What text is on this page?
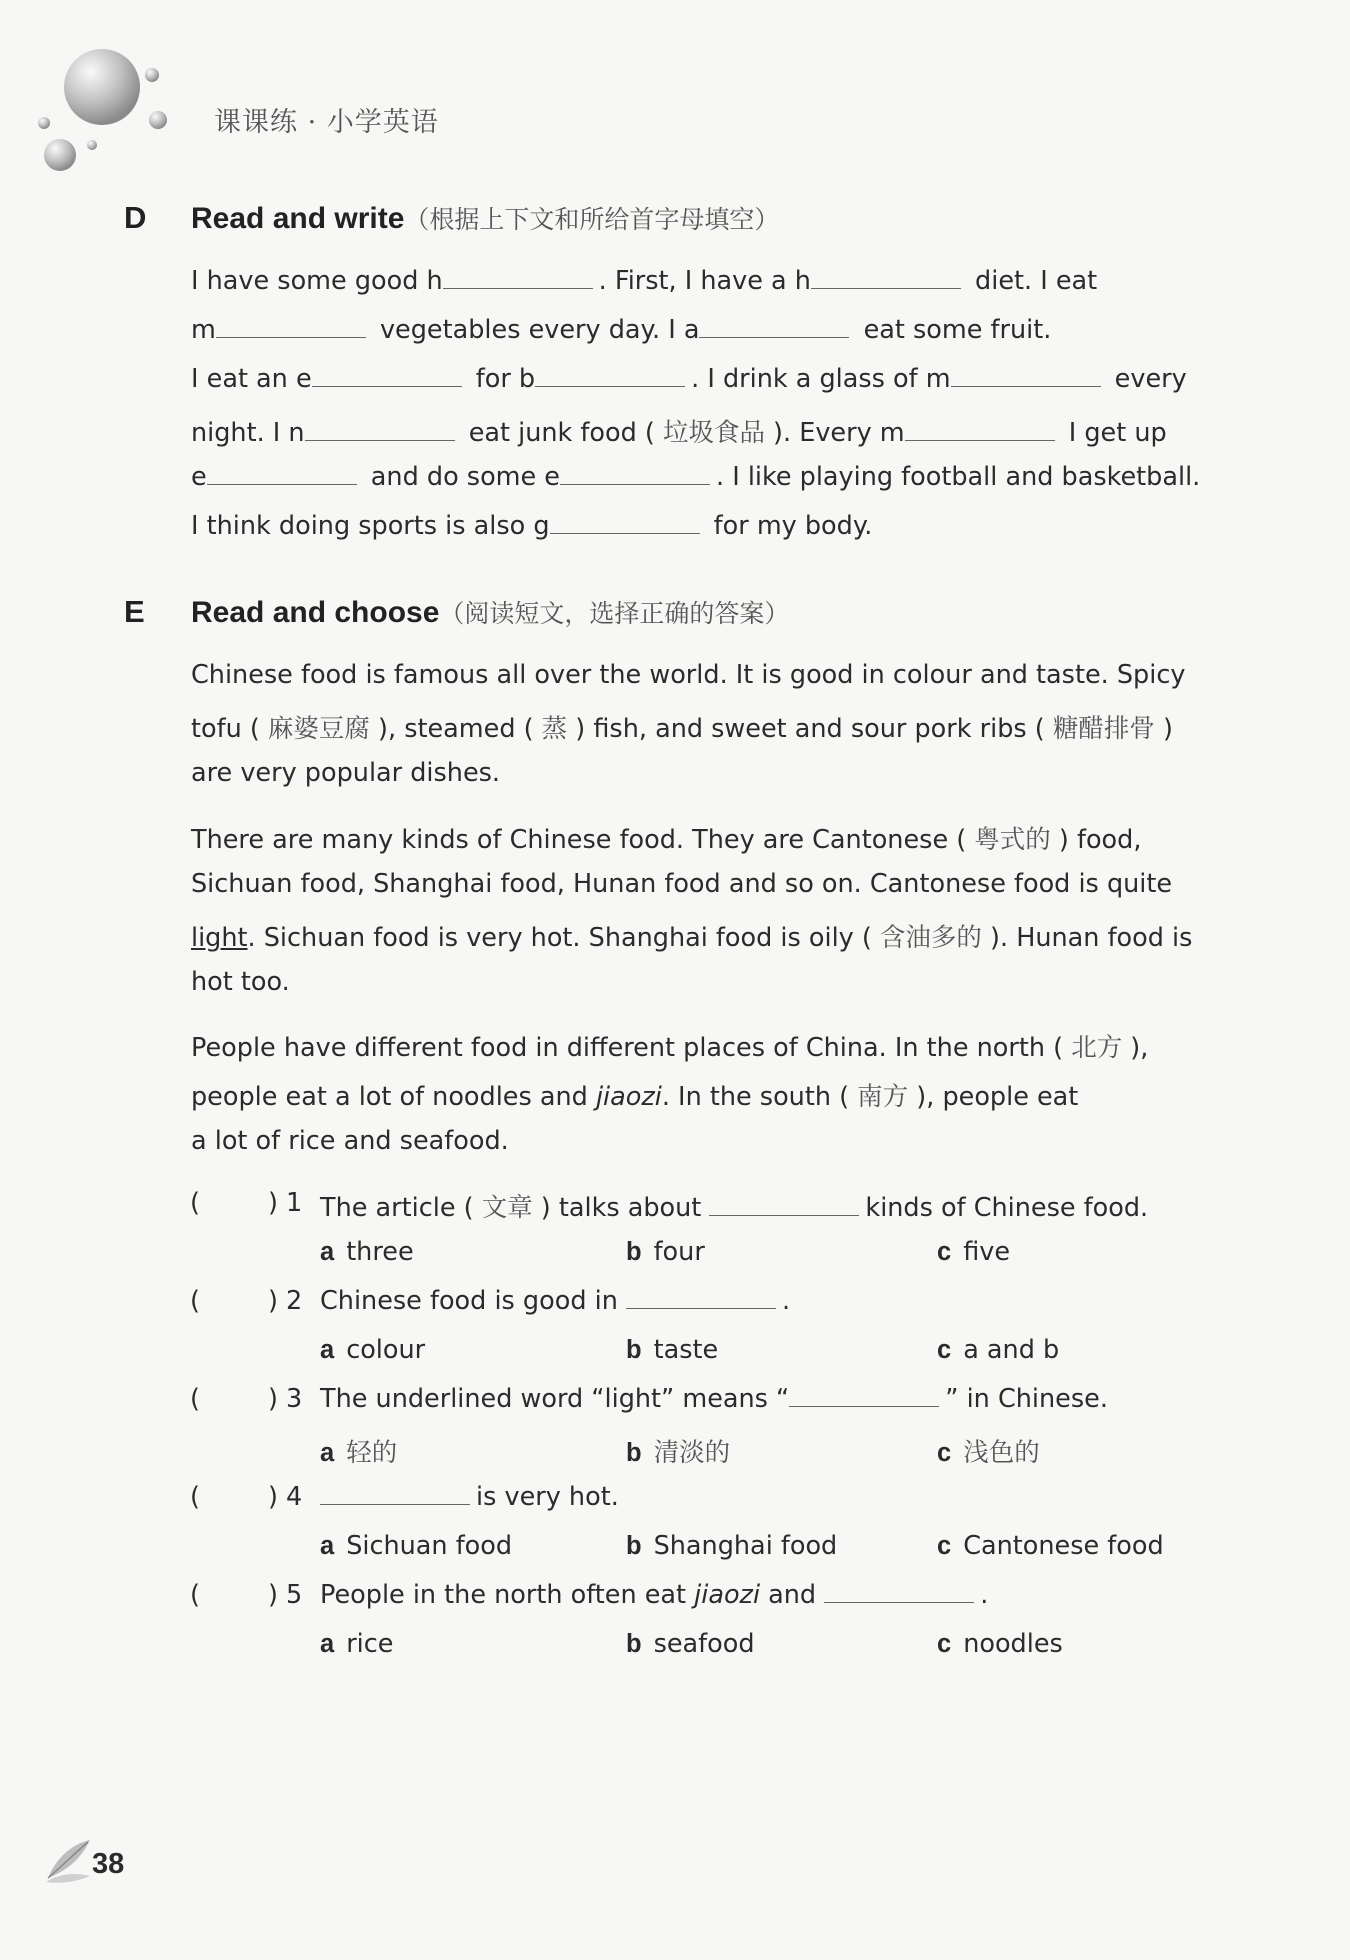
课课练 · 小学英语
D Read and write（根据上下文和所给首字母填空）
I have some good h	. First, I have a h	diet. I eat
m	vegetables every day. I a	eat some fruit.
I eat an e	for b	. I drink a glass of m	every
night. I n	eat junk food ( 垃圾食品 ). Every m	I get up
e	and do some e	. I like playing football and basketball.
I think doing sports is also g	for my body.
E Read and choose（阅读短文，选择正确的答案）
Chinese food is famous all over the world. It is good in colour and taste. Spicy
tofu ( 麻婆豆腐 ), steamed ( 蒸 ) fish, and sweet and sour pork ribs ( 糖醋排骨 )
are very popular dishes.
There are many kinds of Chinese food. They are Cantonese ( 粤式的 ) food,
Sichuan food, Shanghai food, Hunan food and so on. Cantonese food is quite
light. Sichuan food is very hot. Shanghai food is oily ( 含油多的 ). Hunan food is
hot too.
People have different food in different places of China. In the north ( 北方 ),
people eat a lot of noodles and jiaozi. In the south ( 南方 ), people eat
a lot of rice and seafood.
(	) 1 The article ( 文章 ) talks about	kinds of Chinese food.
a three	b four	c five
(	) 2 Chinese food is good in	.
a colour	b taste	c a and b
(	) 3 The underlined word “light” means “	” in Chinese.
a 轻的	b 清淡的	c 浅色的
(	) 4	is very hot.
a Sichuan food	b Shanghai food	c Cantonese food
(	) 5 People in the north often eat jiaozi and	.
a rice	b seafood	c noodles
38
